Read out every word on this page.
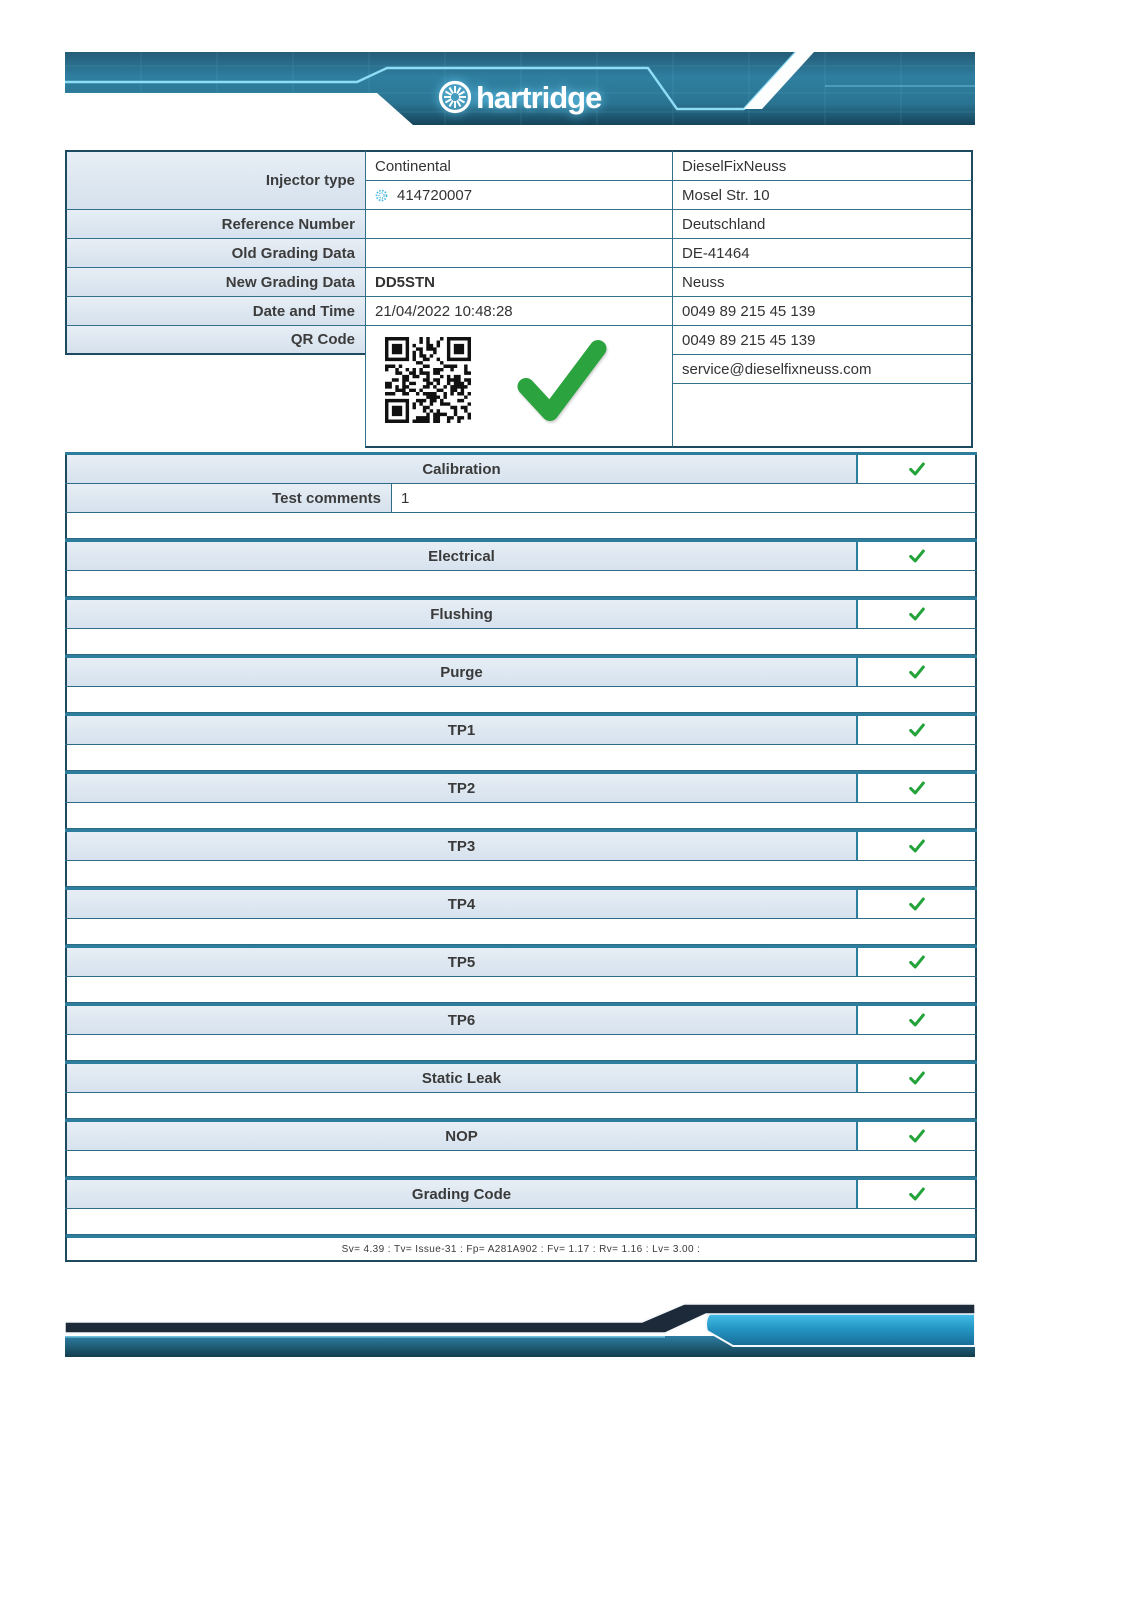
hartridge
Injector type
Reference Number
Old Grading Data
New Grading Data
Date and Time
QR Code
Continental
414720007
DD5STN
21/04/2022 10:48:28
DieselFixNeuss
Mosel Str. 10
Deutschland
DE-41464
Neuss
0049 89 215 45 139
0049 89 215 45 139
service@dieselfixneuss.com
Calibration
Test comments	1
Electrical
Flushing
Purge
TP1
TP2
TP3
TP4
TP5
TP6
Static Leak
NOP
Grading Code
Sv= 4.39 : Tv= Issue-31 : Fp= A281A902 : Fv= 1.17 : Rv= 1.16 : Lv= 3.00 :
